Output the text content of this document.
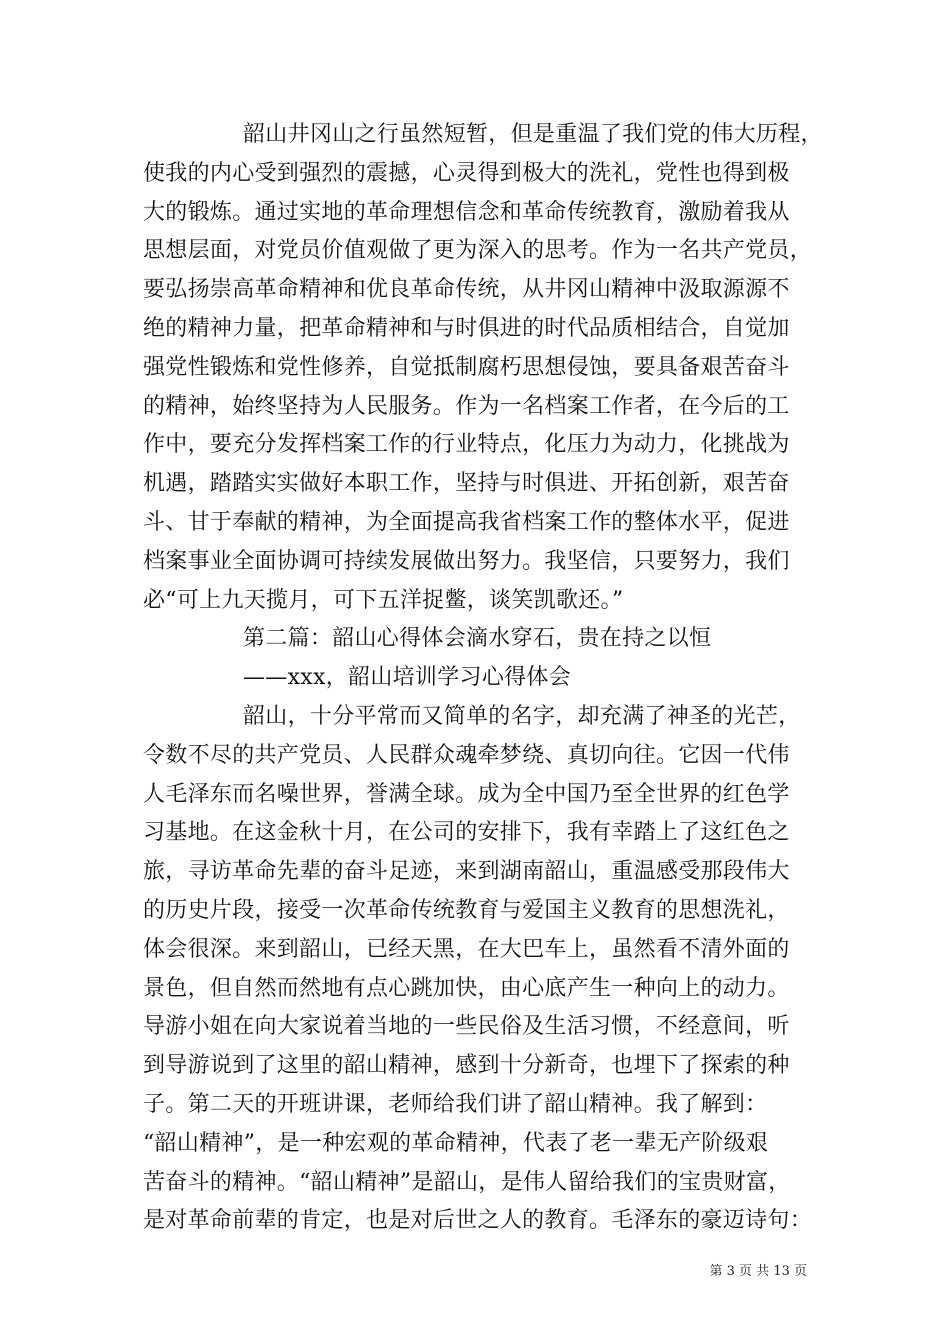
韶山井冈山之行虽然短暂，但是重温了我们党的伟大历程，
使我的内心受到强烈的震撼，心灵得到极大的洗礼，党性也得到极
大的锻炼。通过实地的革命理想信念和革命传统教育，激励着我从
思想层面，对党员价值观做了更为深入的思考。作为一名共产党员，
要弘扬崇高革命精神和优良革命传统，从井冈山精神中汲取源源不
绝的精神力量，把革命精神和与时俱进的时代品质相结合，自觉加
强党性锻炼和党性修养，自觉抵制腐朽思想侵蚀，要具备艰苦奋斗
的精神，始终坚持为人民服务。作为一名档案工作者，在今后的工
作中，要充分发挥档案工作的行业特点，化压力为动力，化挑战为
机遇，踏踏实实做好本职工作，坚持与时俱进、开拓创新，艰苦奋
斗、甘于奉献的精神，为全面提高我省档案工作的整体水平，促进
档案事业全面协调可持续发展做出努力。我坚信，只要努力，我们
必“可上九天揽月，可下五洋捉鳖，谈笑凯歌还。”
第二篇：韶山心得体会滴水穿石，贵在持之以恒
——xxx，韶山培训学习心得体会
韶山，十分平常而又简单的名字，却充满了神圣的光芒，
令数不尽的共产党员、人民群众魂牵梦绕、真切向往。它因一代伟
人毛泽东而名噪世界，誉满全球。成为全中国乃至全世界的红色学
习基地。在这金秋十月，在公司的安排下，我有幸踏上了这红色之
旅，寻访革命先辈的奋斗足迹，来到湖南韶山，重温感受那段伟大
的历史片段，接受一次革命传统教育与爱国主义教育的思想洗礼，
体会很深。来到韶山，已经天黑，在大巴车上，虽然看不清外面的
景色，但自然而然地有点心跳加快，由心底产生一种向上的动力。
导游小姐在向大家说着当地的一些民俗及生活习惯，不经意间，听
到导游说到了这里的韶山精神，感到十分新奇，也埋下了探索的种
子。第二天的开班讲课，老师给我们讲了韶山精神。我了解到：
“韶山精神”，是一种宏观的革命精神，代表了老一辈无产阶级艰
苦奋斗的精神。“韶山精神”是韶山，是伟人留给我们的宝贵财富，
是对革命前辈的肯定，也是对后世之人的教育。毛泽东的豪迈诗句：
第 3 页 共 13 页
